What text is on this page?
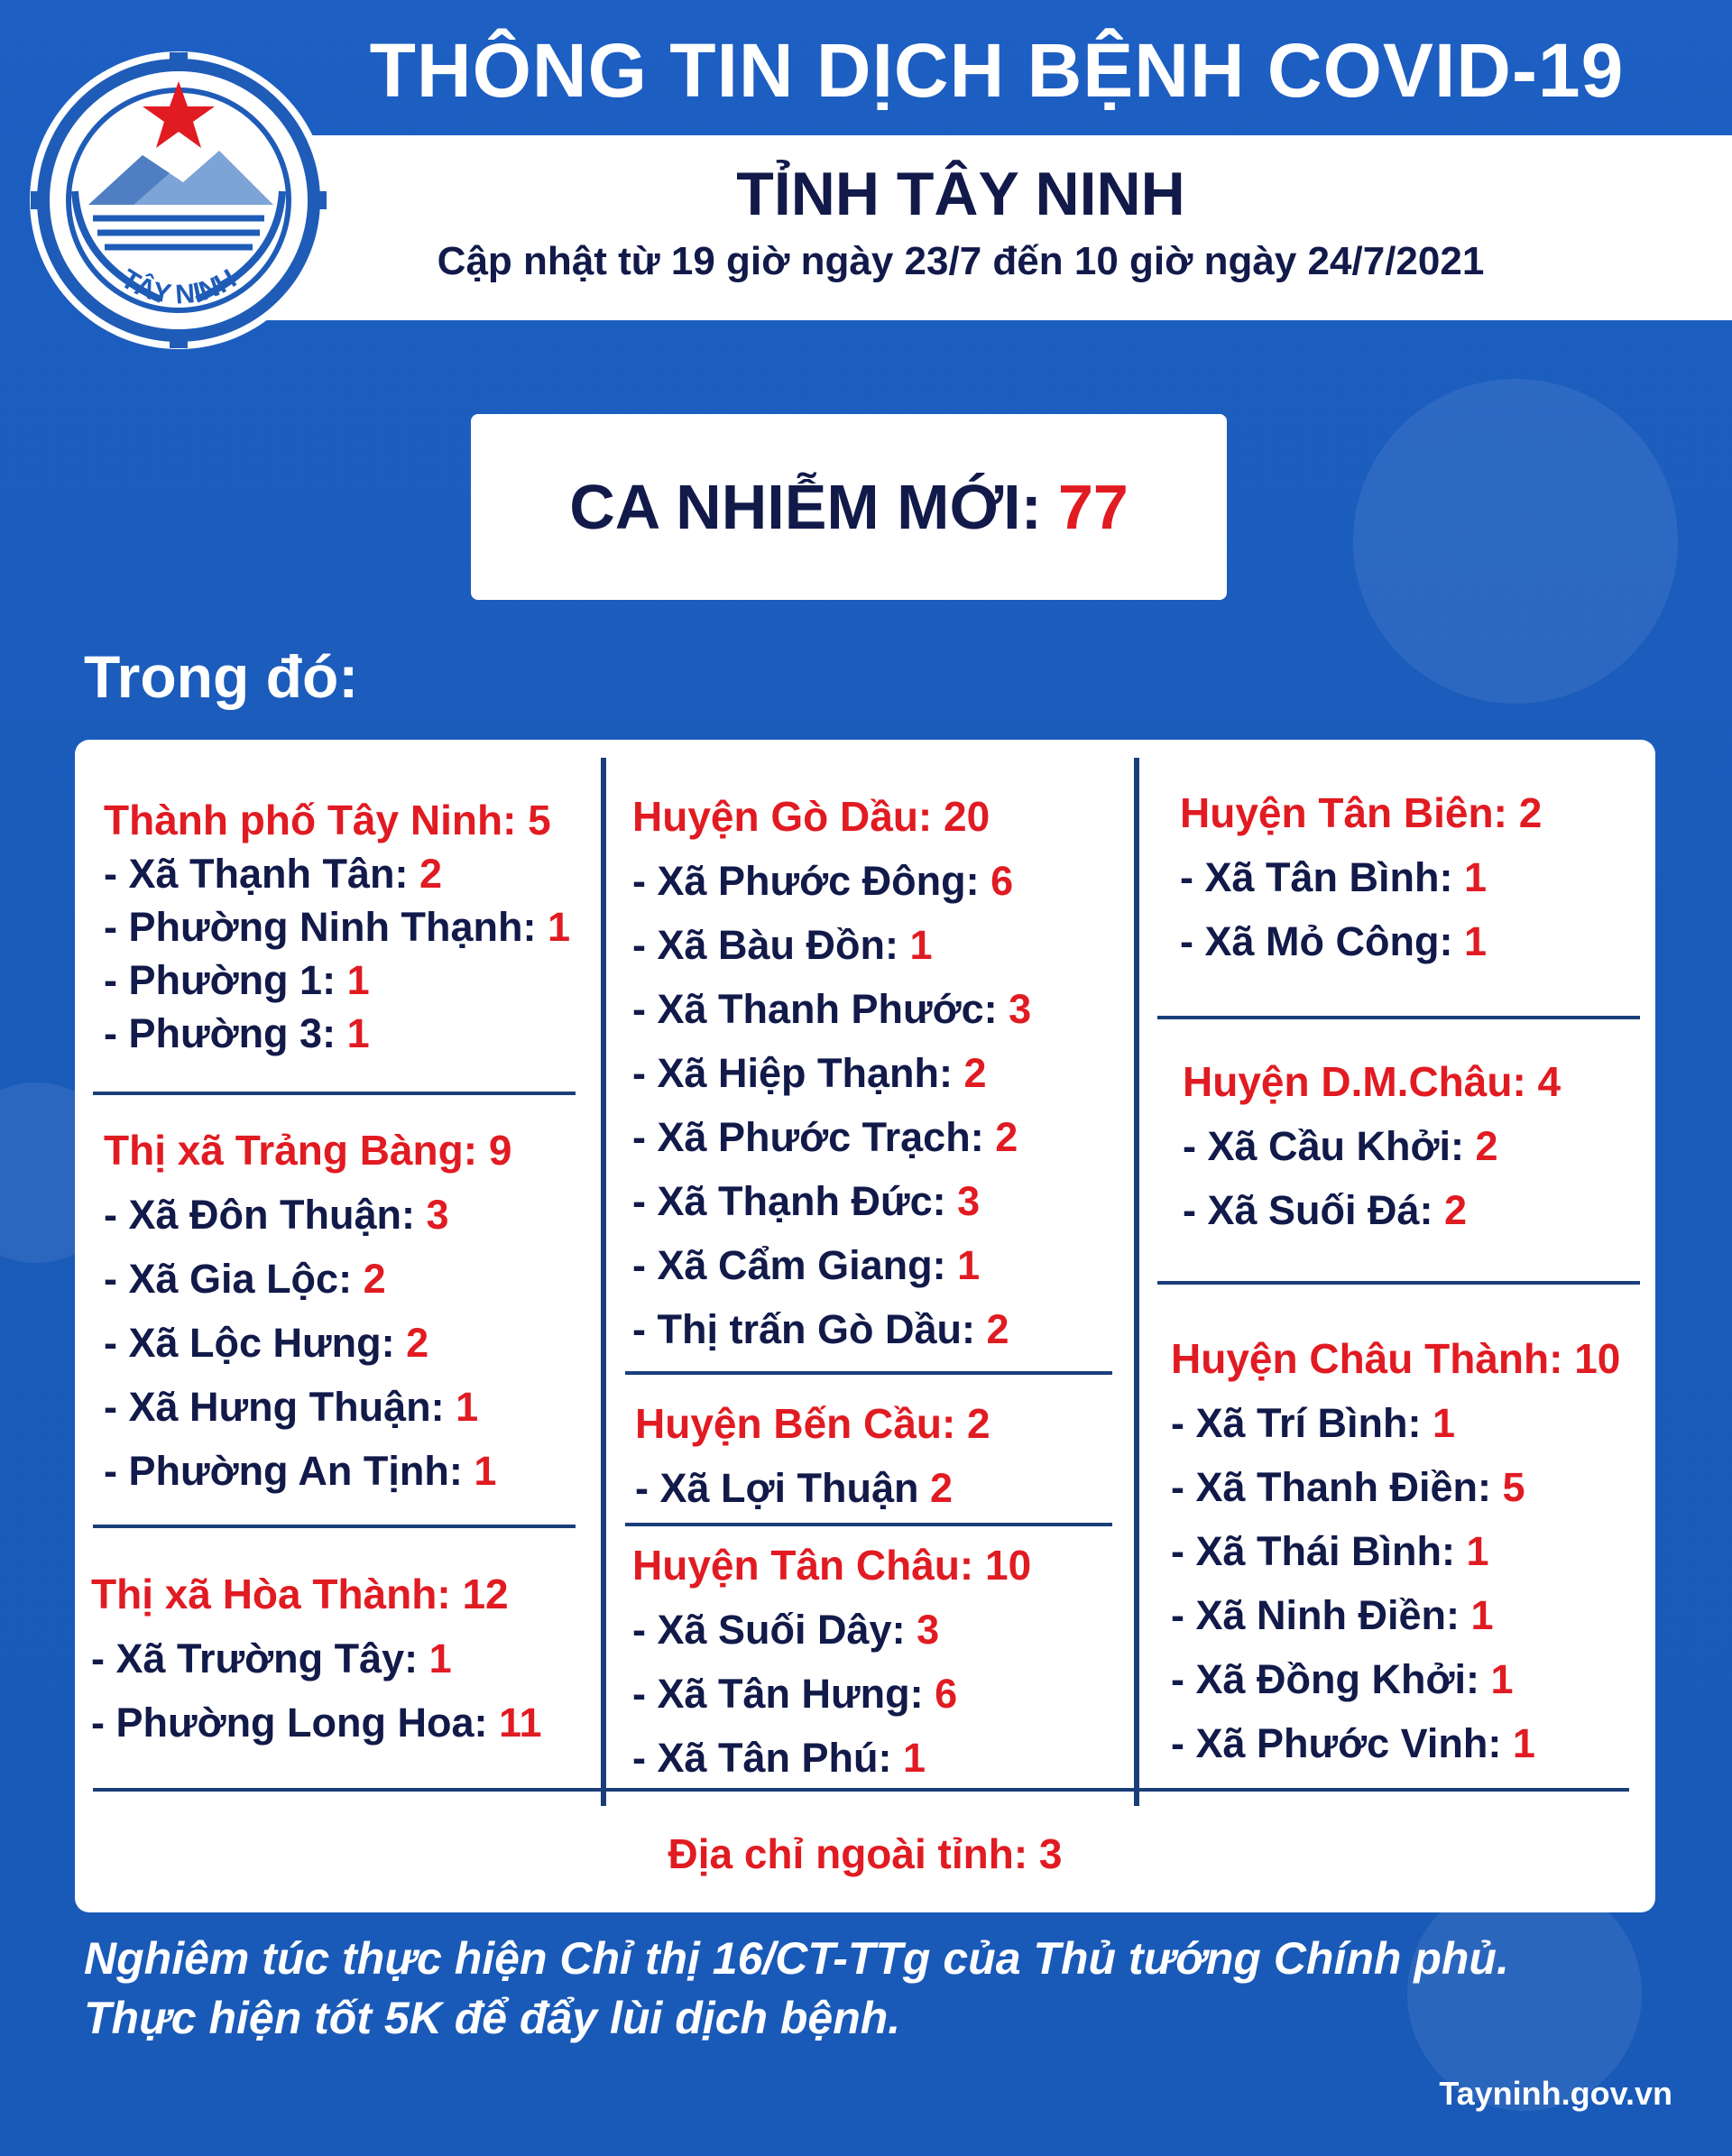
THÔNG TIN DỊCH BỆNH COVID-19
TỈNH TÂY NINH
Cập nhật từ 19 giờ ngày 23/7 đến 10 giờ ngày 24/7/2021
TÂY NINH
CA NHIỄM MỚI: 77
Trong đó:
Thành phố Tây Ninh: 5
- Xã Thạnh Tân: 2
- Phường Ninh Thạnh: 1
- Phường 1: 1
- Phường 3: 1
Thị xã Trảng Bàng: 9
- Xã Đôn Thuận: 3
- Xã Gia Lộc: 2
- Xã Lộc Hưng: 2
- Xã Hưng Thuận: 1
- Phường An Tịnh: 1
Thị xã Hòa Thành: 12
- Xã Trường Tây: 1
- Phường Long Hoa: 11
Huyện Gò Dầu: 20
- Xã Phước Đông: 6
- Xã Bàu Đồn: 1
- Xã Thanh Phước: 3
- Xã Hiệp Thạnh: 2
- Xã Phước Trạch: 2
- Xã Thạnh Đức: 3
- Xã Cẩm Giang: 1
- Thị trấn Gò Dầu: 2
Huyện Bến Cầu: 2
- Xã Lợi Thuận 2
Huyện Tân Châu: 10
- Xã Suối Dây: 3
- Xã Tân Hưng: 6
- Xã Tân Phú: 1
Huyện Tân Biên: 2
- Xã Tân Bình: 1
- Xã Mỏ Công: 1
Huyện D.M.Châu: 4
- Xã Cầu Khởi: 2
- Xã Suối Đá: 2
Huyện Châu Thành: 10
- Xã Trí Bình: 1
- Xã Thanh Điền: 5
- Xã Thái Bình: 1
- Xã Ninh Điền: 1
- Xã Đồng Khởi: 1
- Xã Phước Vinh: 1
Địa chỉ ngoài tỉnh: 3
Nghiêm túc thực hiện Chỉ thị 16/CT-TTg của Thủ tướng Chính phủ.
Thực hiện tốt 5K để đẩy lùi dịch bệnh.
Tayninh.gov.vn
